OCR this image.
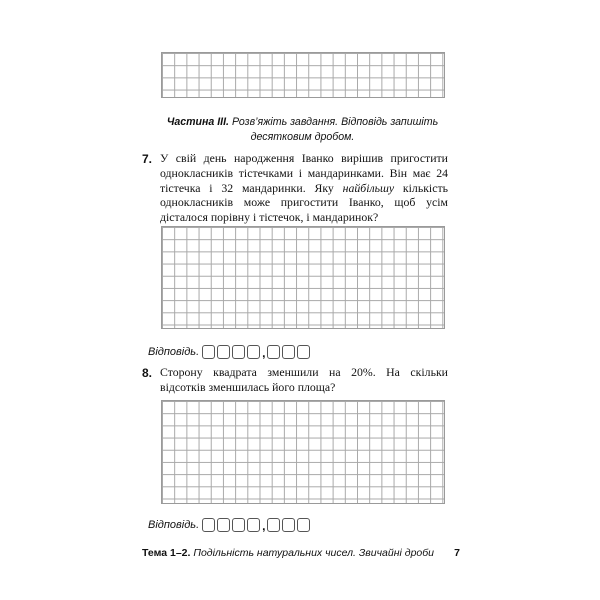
Частина III. Розв’яжіть завдання. Відповідь запишіть десятковим дробом.
7. У свій день народження Іванко вирішив пригостити однокласників тістечками і мандаринками. Він має 24 тістечка і 32 мандаринки. Яку найбільшу кількість однокласників може пригостити Іванко, щоб усім дісталося порівну і тістечок, і мандаринок?
Відповідь.	,
8. Сторону квадрата зменшили на 20%. На скільки відсотків зменшилась його площа?
Відповідь.	,
Тема 1–2. Подільність натуральних чисел. Звичайні дроби 7
